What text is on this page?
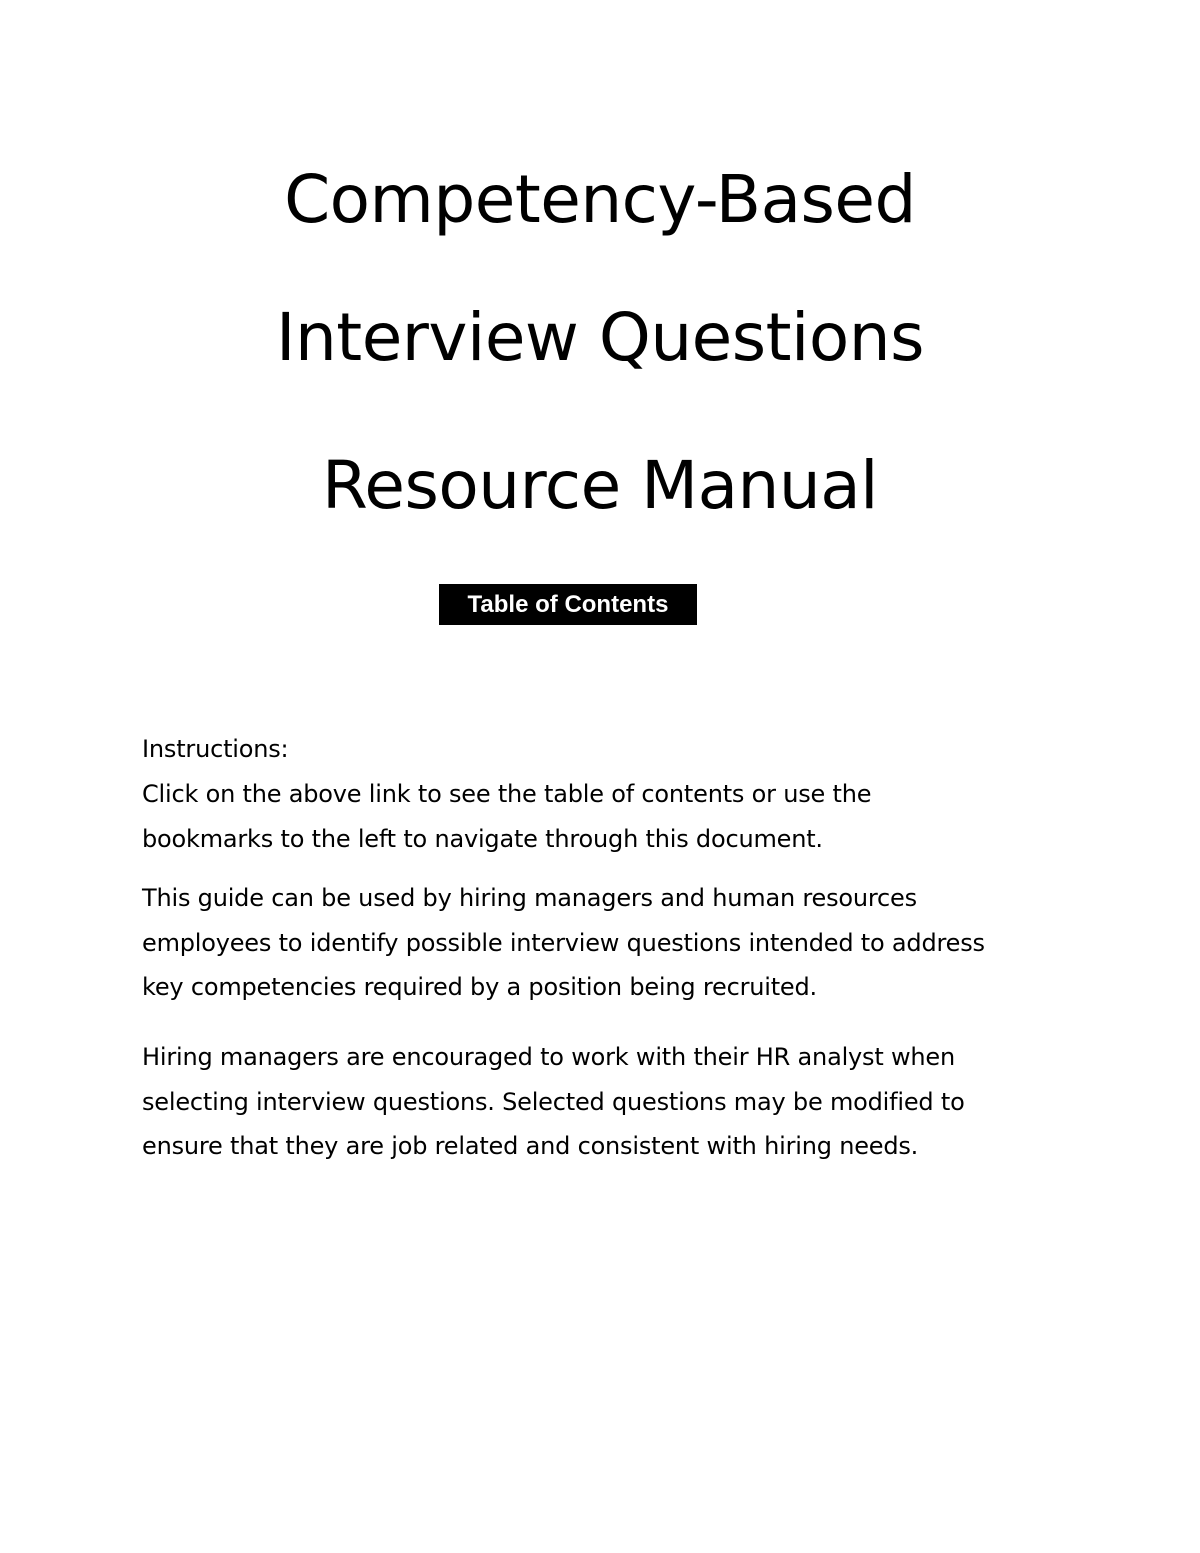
Competency-Based
Interview Questions
Resource Manual
Table of Contents
Instructions:
Click on the above link to see the table of contents or use the
bookmarks to the left to navigate through this document.
This guide can be used by hiring managers and human resources
employees to identify possible interview questions intended to address
key competencies required by a position being recruited.
Hiring managers are encouraged to work with their HR analyst when
selecting interview questions. Selected questions may be modified to
ensure that they are job related and consistent with hiring needs.
